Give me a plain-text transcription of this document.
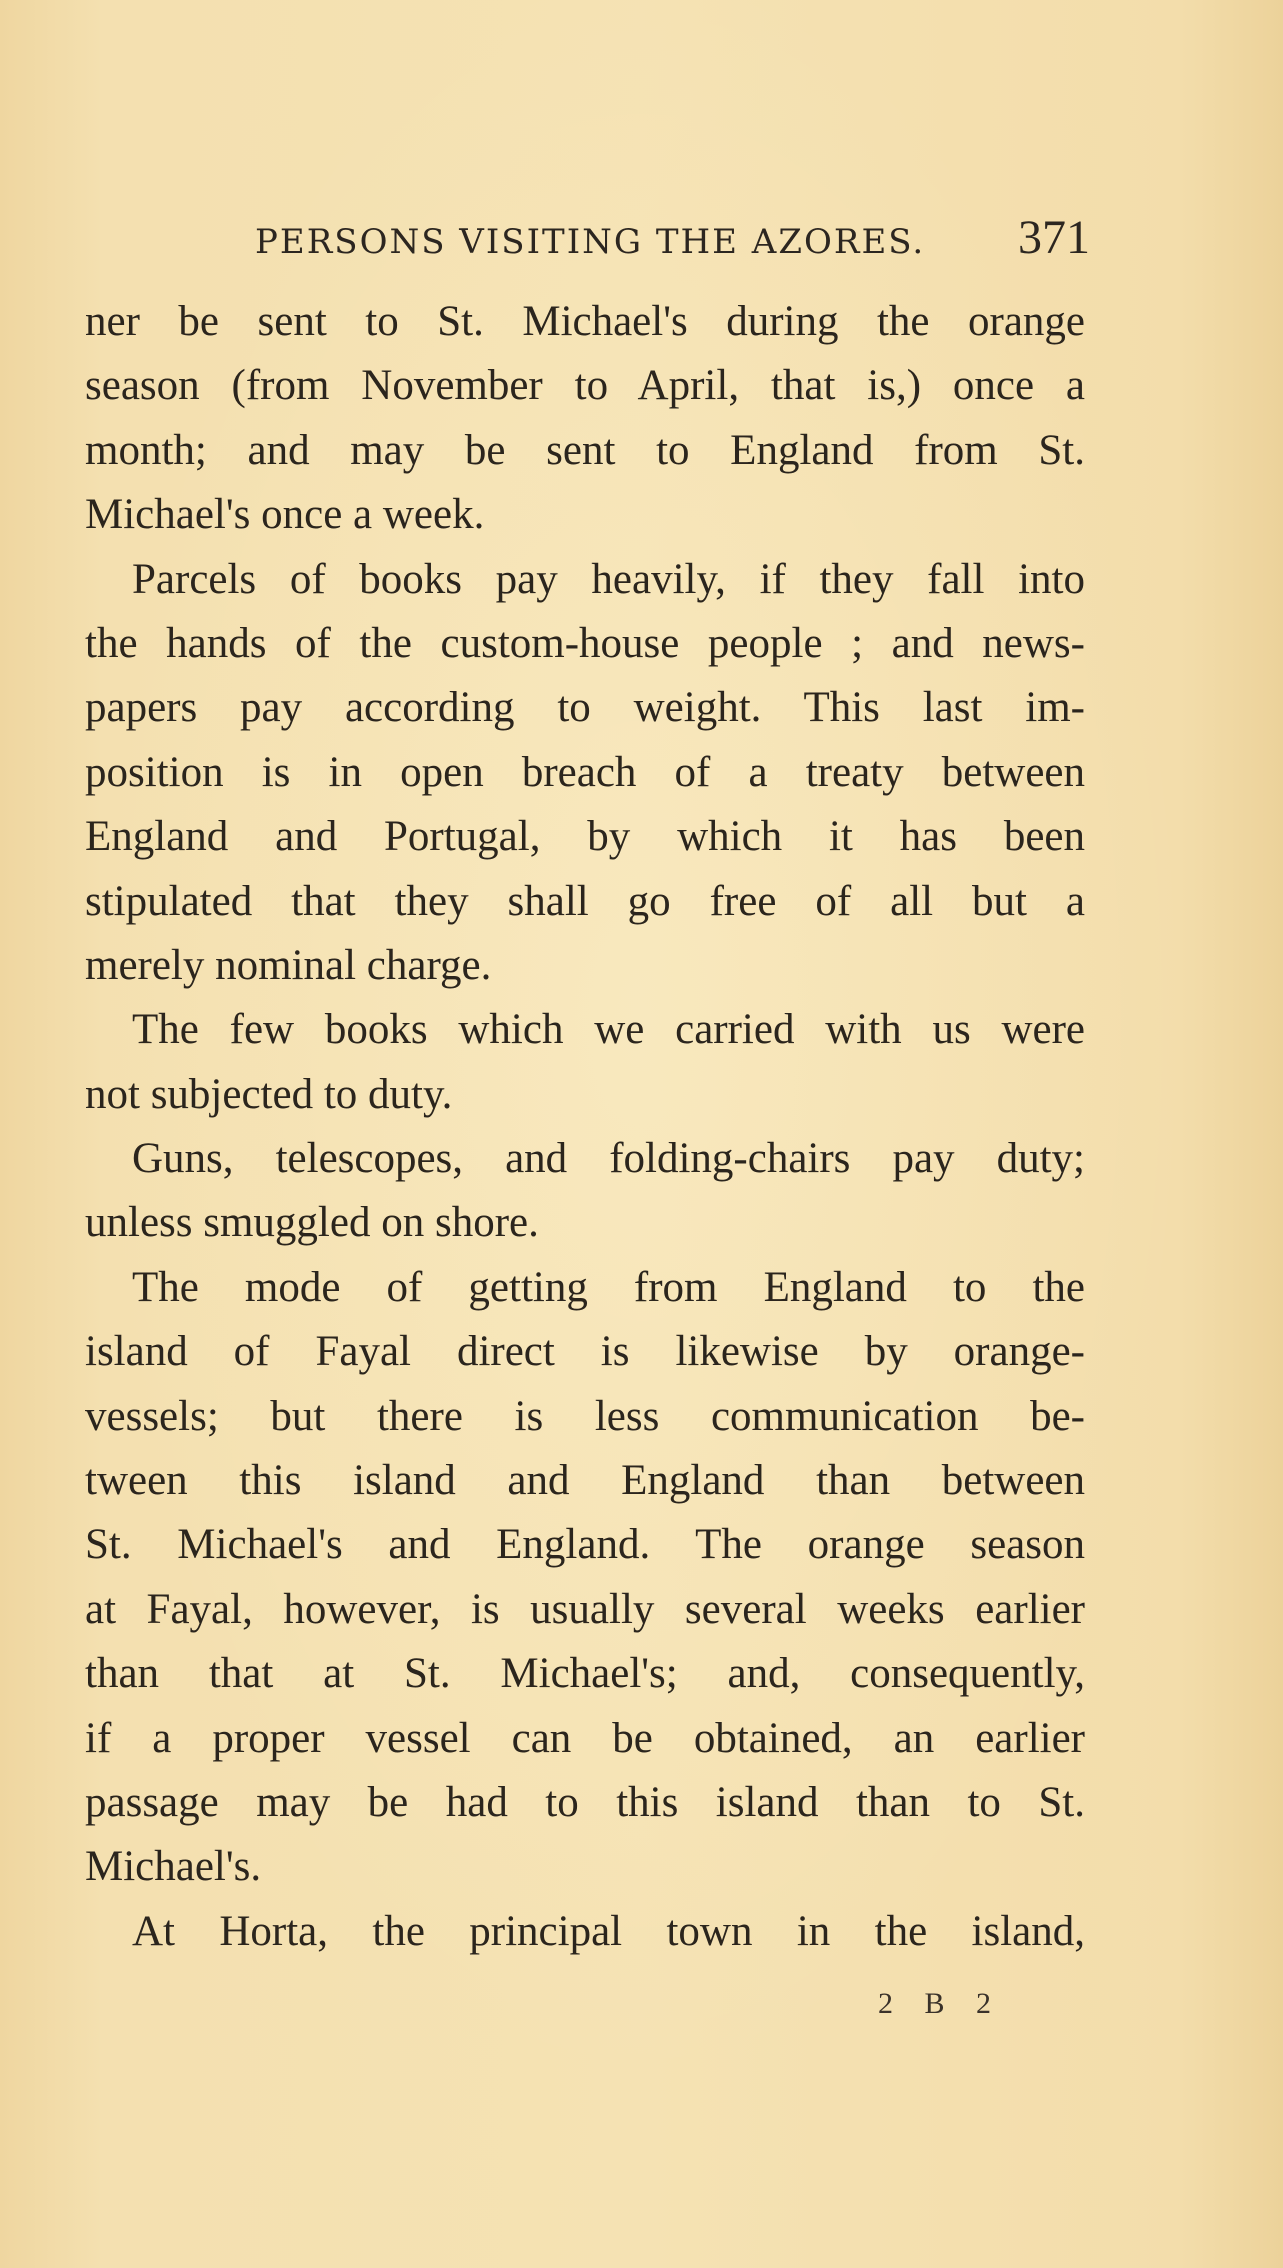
PERSONS VISITING THE AZORES. 371
ner be sent to St. Michael's during the orange
season (from November to April, that is,) once a
month; and may be sent to England from St.
Michael's once a week.
Parcels of books pay heavily, if they fall into
the hands of the custom-house people ; and news-
papers pay according to weight. This last im-
position is in open breach of a treaty between
England and Portugal, by which it has been
stipulated that they shall go free of all but a
merely nominal charge.
The few books which we carried with us were
not subjected to duty.
Guns, telescopes, and folding-chairs pay duty;
unless smuggled on shore.
The mode of getting from England to the
island of Fayal direct is likewise by orange-
vessels; but there is less communication be-
tween this island and England than between
St. Michael's and England. The orange season
at Fayal, however, is usually several weeks earlier
than that at St. Michael's; and, consequently,
if a proper vessel can be obtained, an earlier
passage may be had to this island than to St.
Michael's.
At Horta, the principal town in the island,
2 B 2
